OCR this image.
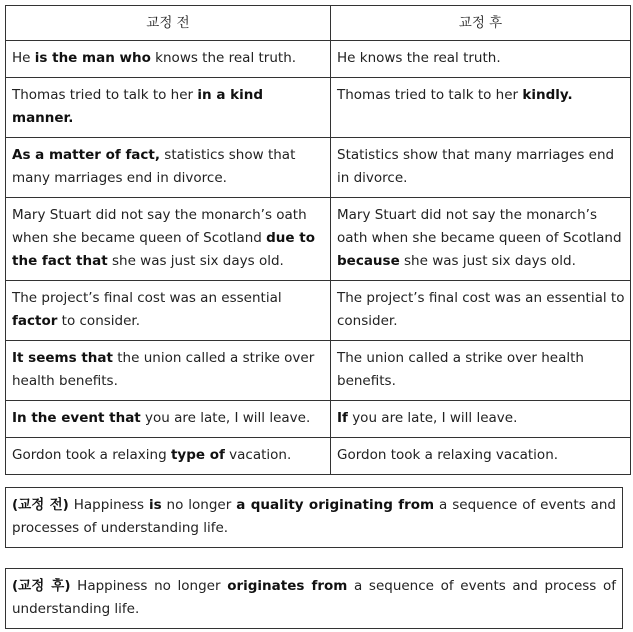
교정 전	교정 후
He is the man who knows the real truth.	He knows the real truth.
Thomas tried to talk to her in a kind manner.	Thomas tried to talk to her kindly.
As a matter of fact, statistics show that many marriages end in divorce.	Statistics show that many marriages end in divorce.
Mary Stuart did not say the monarch’s oath when she became queen of Scotland due to the fact that she was just six days old.	Mary Stuart did not say the monarch’s oath when she became queen of Scotland because she was just six days old.
The project’s final cost was an essential factor to consider.	The project’s final cost was an essential to consider.
It seems that the union called a strike over health benefits.	The union called a strike over health benefits.
In the event that you are late, I will leave.	If you are late, I will leave.
Gordon took a relaxing type of vacation.	Gordon took a relaxing vacation.
(교정 전) Happiness is no longer a quality originating from a sequence of events and processes of understanding life.
(교정 후) Happiness no longer originates from a sequence of events and process of understanding life.
